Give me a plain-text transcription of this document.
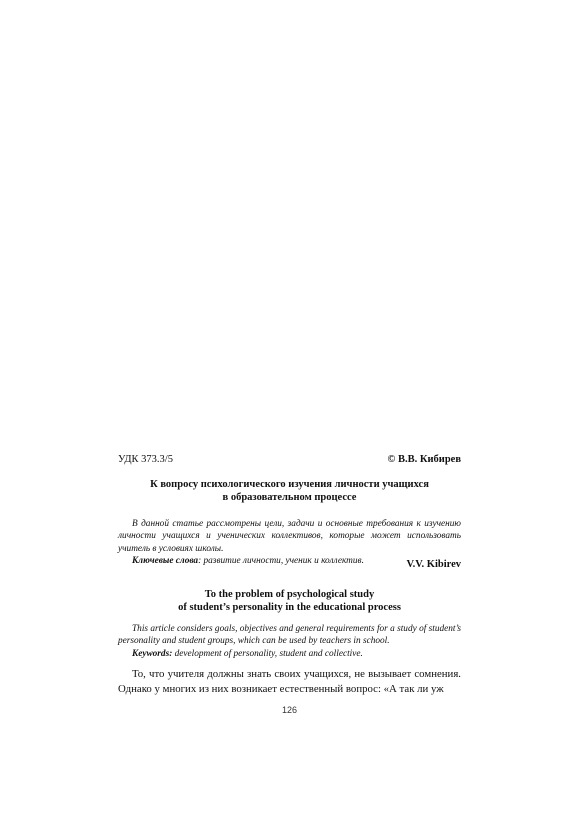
УДК 373.3/5	© В.В. Кибирев
К вопросу психологического изучения личности учащихся
в образовательном процессе

В данной статье рассмотрены цели, задачи и основные требования к изучению личности учащихся и ученических коллективов, которые может использовать учитель в условиях школы.

Ключевые слова: развитие личности, ученик и коллектив.	V.V. Kibirev
To the problem of psychological study
of student’s personality in the educational process

This article considers goals, objectives and general requirements for a study of student’s personality and student groups, which can be used by teachers in school.

Keywords: development of personality, student and collective.

То, что учителя должны знать своих учащихся, не вызывает сомнения. Однако у многих из них возникает естественный вопрос: «А так ли уж

126
